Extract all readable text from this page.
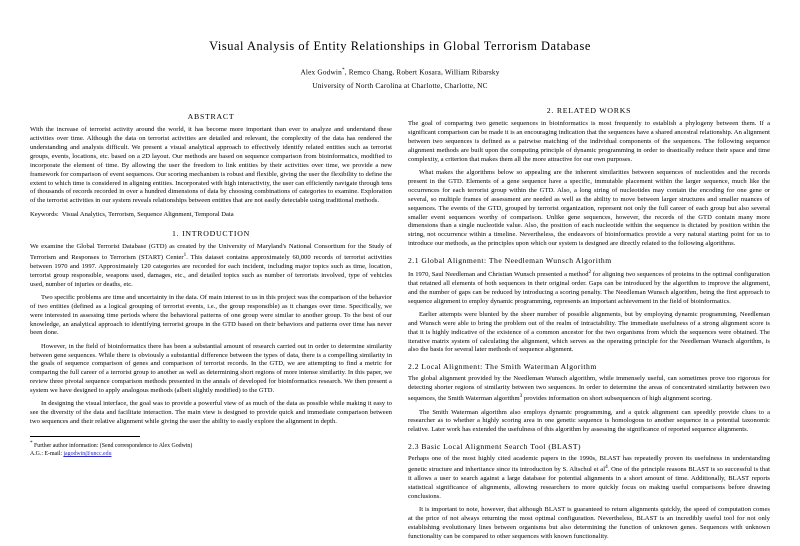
Visual Analysis of Entity Relationships in Global Terrorism Database

Alex Godwin*, Remco Chang, Robert Kosara, William Ribarsky

University of North Carolina at Charlotte, Charlotte, NC

ABSTRACT

With the increase of terrorist activity around the world, it has become more important than ever to analyze and understand these activities over time. Although the data on terrorist activities are detailed and relevant, the complexity of the data has rendered the understanding and analysis difficult. We present a visual analytical approach to effectively identify related entities such as terrorist groups, events, locations, etc. based on a 2D layout. Our methods are based on sequence comparison from bioinformatics, modified to incorporate the element of time. By allowing the user the freedom to link entities by their activities over time, we provide a new framework for comparison of event sequences. Our scoring mechanism is robust and flexible, giving the user the flexibility to define the extent to which time is considered in aligning entities. Incorporated with high interactivity, the user can efficiently navigate through tens of thousands of records recorded in over a hundred dimensions of data by choosing combinations of categories to examine. Exploration of the terrorist activities in our system reveals relationships between entities that are not easily detectable using traditional methods.

Keywords: Visual Analytics, Terrorism, Sequence Alignment, Temporal Data

1. INTRODUCTION

We examine the Global Terrorist Database (GTD) as created by the University of Maryland's National Consortium for the Study of Terrorism and Responses to Terrorism (START) Center$^1$. This dataset contains approximately 60,000 records of terrorist activities between 1970 and 1997. Approximately 120 categories are recorded for each incident, including major topics such as time, location, terrorist group responsible, weapons used, damages, etc., and detailed topics such as number of terrorists involved, type of vehicles used, number of injuries or deaths, etc.

Two specific problems are time and uncertainty in the data. Of main interest to us in this project was the comparison of the behavior of two entities (defined as a logical grouping of terrorist events, i.e., the group responsible) as it changes over time. Specifically, we were interested in assessing time periods where the behavioral patterns of one group were similar to another group. To the best of our knowledge, an analytical approach to identifying terrorist groups in the GTD based on their behaviors and patterns over time has never been done.

However, in the field of bioinformatics there has been a substantial amount of research carried out in order to determine similarity between gene sequences. While there is obviously a substantial difference between the types of data, there is a compelling similarity in the goals of sequence comparison of genes and comparison of terrorist records. In the GTD, we are attempting to find a metric for comparing the full career of a terrorist group to another as well as determining short regions of more intense similarity. In this paper, we review three pivotal sequence comparison methods presented in the annals of developed for bioinformatics research. We then present a system we have designed to apply analogous methods (albeit slightly modified) to the GTD.

In designing the visual interface, the goal was to provide a powerful view of as much of the data as possible while making it easy to see the diversity of the data and facilitate interaction. The main view is designed to provide quick and immediate comparison between two sequences and their relative alignment while giving the user the ability to easily explore the alignment in depth.

* Further author information: (Send correspondence to Alex Godwin)

A.G.: E-mail: jagodwin@uncc.edu

2. RELATED WORKS

The goal of comparing two genetic sequences in bioinformatics is most frequently to establish a phylogeny between them. If a significant comparison can be made it is an encouraging indication that the sequences have a shared ancestral relationship. An alignment between two sequences is defined as a pairwise matching of the individual components of the sequences. The following sequence alignment methods are built upon the computing principle of dynamic programming in order to drastically reduce their space and time complexity, a criterion that makes them all the more attractive for our own purposes.

What makes the algorithms below so appealing are the inherent similarities between sequences of nucleotides and the records present in the GTD. Elements of a gene sequence have a specific, immutable placement within the larger sequence, much like the occurrences for each terrorist group within the GTD. Also, a long string of nucleotides may contain the encoding for one gene or several, so multiple frames of assessment are needed as well as the ability to move between larger structures and smaller nuances of sequences. The events of the GTD, grouped by terrorist organization, represent not only the full career of each group but also several smaller event sequences worthy of comparison. Unlike gene sequences, however, the records of the GTD contain many more dimensions than a single nucleotide value. Also, the position of each nucleotide within the sequence is dictated by position within the string, not occurrence within a timeline. Nevertheless, the endeavors of bioinformatics provide a very natural starting point for us to introduce our methods, as the principles upon which our system is designed are directly related to the following algorithms.

2.1 Global Alignment: The Needleman Wunsch Algorithm

In 1970, Saul Needleman and Christian Wunsch presented a method$^2$ for aligning two sequences of proteins in the optimal configuration that retained all elements of both sequences in their original order. Gaps can be introduced by the algorithm to improve the alignment, and the number of gaps can be reduced by introducing a scoring penalty. The Needleman Wunsch algorithm, being the first approach to sequence alignment to employ dynamic programming, represents an important achievement in the field of bioinformatics.

Earlier attempts were blunted by the sheer number of possible alignments, but by employing dynamic programming, Needleman and Wunsch were able to bring the problem out of the realm of intractability. The immediate usefulness of a strong alignment score is that it is highly indicative of the existence of a common ancestor for the two organisms from which the sequences were obtained. The iterative matrix system of calculating the alignment, which serves as the operating principle for the Needleman Wunsch algorithm, is also the basis for several later methods of sequence alignment.

2.2 Local Alignment: The Smith Waterman Algorithm

The global alignment provided by the Needleman Wunsch algorithm, while immensely useful, can sometimes prove too rigorous for detecting shorter regions of similarity between two sequences. In order to determine the areas of concentrated similarity between two sequences, the Smith Waterman algorithm$^3$ provides information on short subsequences of high alignment scoring.

The Smith Waterman algorithm also employs dynamic programming, and a quick alignment can speedily provide clues to a researcher as to whether a highly scoring area in one genetic sequence is homologous to another sequence in a potential taxonomic relative. Later work has extended the usefulness of this algorithm by assessing the significance of reported sequence alignments.

2.3 Basic Local Alignment Search Tool (BLAST)

Perhaps one of the most highly cited academic papers in the 1990s, BLAST has repeatedly proven its usefulness in understanding genetic structure and inheritance since its introduction by S. Altschul et $al^4$. One of the principle reasons BLAST is so successful is that it allows a user to search against a large database for potential alignments in a short amount of time. Additionally, BLAST reports statistical significance of alignments, allowing researchers to more quickly focus on making useful comparisons before drawing conclusions.

It is important to note, however, that although BLAST is guaranteed to return alignments quickly, the speed of computation comes at the price of not always returning the most optimal configuration. Nevertheless, BLAST is an incredibly useful tool for not only establishing evolutionary lines between organisms but also determining the function of unknown genes. Sequences with unknown functionality can be compared to other sequences with known functionality.
